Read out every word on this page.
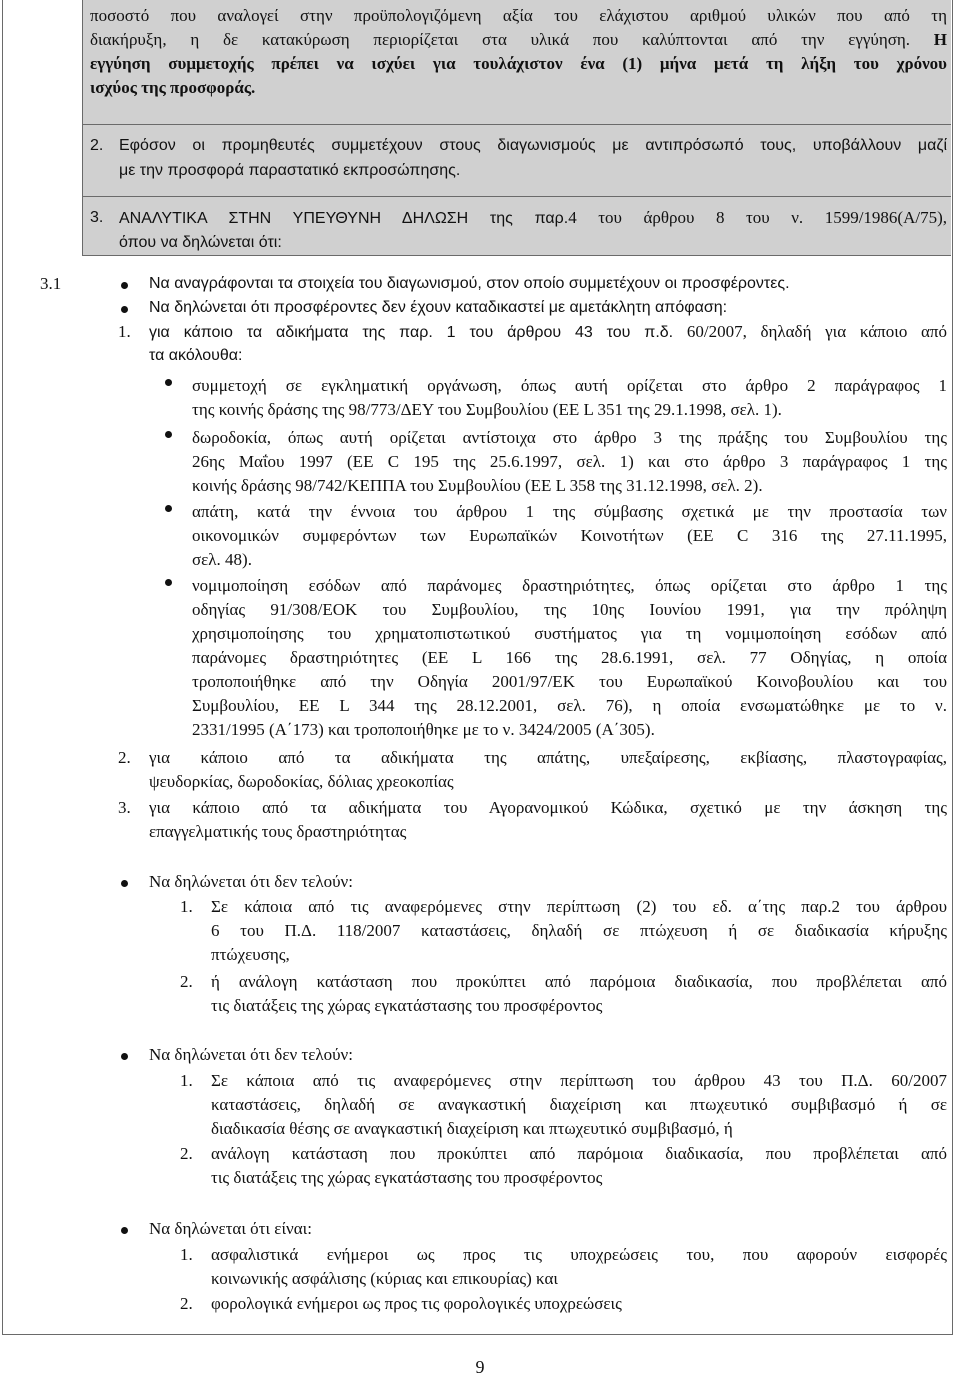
ποσοστό που αναλογεί στην προϋπολογιζόμενη αξία του ελάχιστου αριθμού υλικών που από τη
διακήρυξη, η δε κατακύρωση περιορίζεται στα υλικά που καλύπτονται από την εγγύηση. Η
εγγύηση συμμετοχής πρέπει να ισχύει για τουλάχιστον ένα (1) μήνα μετά τη λήξη του χρόνου
ισχύος της προσφοράς.
2. Εφόσον οι προμηθευτές συμμετέχουν στους διαγωνισμούς με αντιπρόσωπό τους, υποβάλλουν μαζί
με την προσφορά παραστατικό εκπροσώπησης.
3. ΑΝΑΛΥΤΙΚΑ ΣΤΗΝ ΥΠΕΥΘΥΝΗ ΔΗΛΩΣΗ της παρ.4 του άρθρου 8 του ν. 1599/1986(Α/75),
όπου να δηλώνεται ότι:
3.1	Να αναγράφονται τα στοιχεία του διαγωνισμού, στον οποίο συμμετέχουν οι προσφέροντες.
Να δηλώνεται ότι προσφέροντες δεν έχουν καταδικαστεί με αμετάκλητη απόφαση:
1. για κάποιο τα αδικήματα της παρ. 1 του άρθρου 43 του π.δ. 60/2007, δηλαδή για κάποιο από
τα ακόλουθα:
συμμετοχή σε εγκληματική οργάνωση, όπως αυτή ορίζεται στο άρθρο 2 παράγραφος 1
της κοινής δράσης της 98/773/ΔΕΥ του Συμβουλίου (ΕΕ L 351 της 29.1.1998, σελ. 1).
δωροδοκία, όπως αυτή ορίζεται αντίστοιχα στο άρθρο 3 της πράξης του Συμβουλίου της
26ης Μαΐου 1997 (ΕΕ C 195 της 25.6.1997, σελ. 1) και στο άρθρο 3 παράγραφος 1 της
κοινής δράσης 98/742/ΚΕΠΠΑ του Συμβουλίου (ΕΕ L 358 της 31.12.1998, σελ. 2).
απάτη, κατά την έννοια του άρθρου 1 της σύμβασης σχετικά με την προστασία των
οικονομικών συμφερόντων των Ευρωπαϊκών Κοινοτήτων (ΕΕ C 316 της 27.11.1995,
σελ. 48).
νομιμοποίηση εσόδων από παράνομες δραστηριότητες, όπως ορίζεται στο άρθρο 1 της
οδηγίας 91/308/ΕΟΚ του Συμβουλίου, της 10ης Ιουνίου 1991, για την πρόληψη
χρησιμοποίησης του χρηματοπιστωτικού συστήματος για τη νομιμοποίηση εσόδων από
παράνομες δραστηριότητες (ΕΕ L 166 της 28.6.1991, σελ. 77 Οδηγίας, η οποία
τροποποιήθηκε από την Οδηγία 2001/97/ΕΚ του Ευρωπαϊκού Κοινοβουλίου και του
Συμβουλίου, ΕΕ L 344 της 28.12.2001, σελ. 76), η οποία ενσωματώθηκε με το ν.
2331/1995 (Α΄173) και τροποποιήθηκε με το ν. 3424/2005 (Α΄305).
2. για κάποιο από τα αδικήματα της απάτης, υπεξαίρεσης, εκβίασης, πλαστογραφίας,
ψευδορκίας, δωροδοκίας, δόλιας χρεοκοπίας
3. για κάποιο από τα αδικήματα του Αγορανομικού Κώδικα, σχετικό με την άσκηση της
επαγγελματικής τους δραστηριότητας
Να δηλώνεται ότι δεν τελούν:
1. Σε κάποια από τις αναφερόμενες στην περίπτωση (2) του εδ. α΄της παρ.2 του άρθρου
6 του Π.Δ. 118/2007 καταστάσεις, δηλαδή σε πτώχευση ή σε διαδικασία κήρυξης
πτώχευσης,
2. ή ανάλογη κατάσταση που προκύπτει από παρόμοια διαδικασία, που προβλέπεται από
τις διατάξεις της χώρας εγκατάστασης του προσφέροντος
Να δηλώνεται ότι δεν τελούν:
1. Σε κάποια από τις αναφερόμενες στην περίπτωση του άρθρου 43 του Π.Δ. 60/2007
καταστάσεις, δηλαδή σε αναγκαστική διαχείριση και πτωχευτικό συμβιβασμό ή σε
διαδικασία θέσης σε αναγκαστική διαχείριση και πτωχευτικό συμβιβασμό, ή
2. ανάλογη κατάσταση που προκύπτει από παρόμοια διαδικασία, που προβλέπεται από
τις διατάξεις της χώρας εγκατάστασης του προσφέροντος
Να δηλώνεται ότι είναι:
1. ασφαλιστικά ενήμεροι ως προς τις υποχρεώσεις του, που αφορούν εισφορές
κοινωνικής ασφάλισης (κύριας και επικουρίας) και
2. φορολογικά ενήμεροι ως προς τις φορολογικές υποχρεώσεις
9
